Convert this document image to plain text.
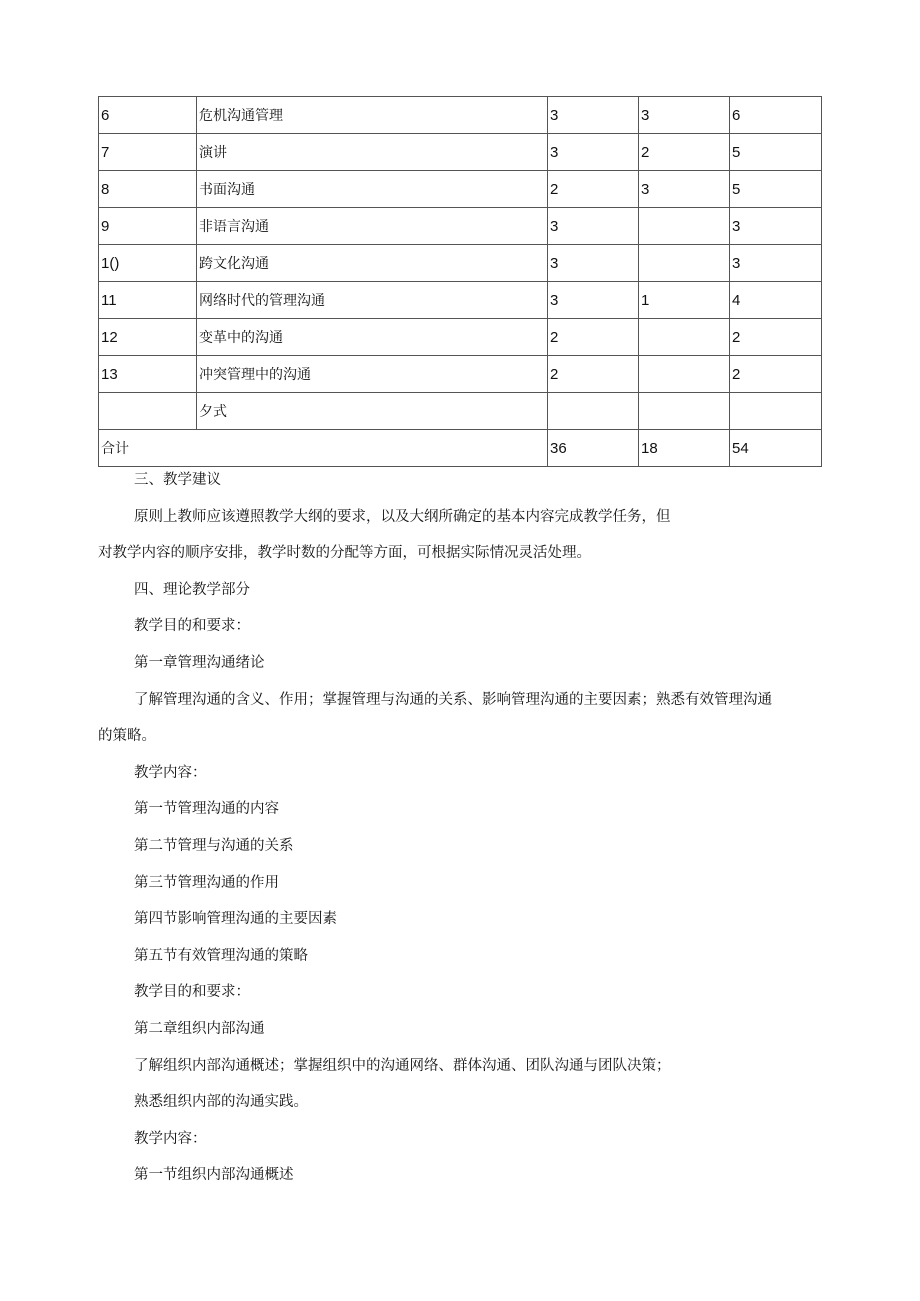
6	危机沟通管理	3	3	6
7	演讲	3	2	5
8	书面沟通	2	3	5
9	非语言沟通	3		3
1()	跨文化沟通	3		3
11	网络时代的管理沟通	3	1	4
12	变革中的沟通	2		2
13	冲突管理中的沟通	2		2
	夕式			
合计		36	18	54
三、教学建议
原则上教师应该遵照教学大纲的要求，以及大纲所确定的基本内容完成教学任务，但
对教学内容的顺序安排，教学时数的分配等方面，可根据实际情况灵活处理。
四、理论教学部分
教学目的和要求：
第一章管理沟通绪论
了解管理沟通的含义、作用；掌握管理与沟通的关系、影响管理沟通的主要因素；熟悉有效管理沟通
的策略。
教学内容：
第一节管理沟通的内容
第二节管理与沟通的关系
第三节管理沟通的作用
第四节影响管理沟通的主要因素
第五节有效管理沟通的策略
教学目的和要求：
第二章组织内部沟通
了解组织内部沟通概述；掌握组织中的沟通网络、群体沟通、团队沟通与团队决策；
熟悉组织内部的沟通实践。
教学内容：
第一节组织内部沟通概述
